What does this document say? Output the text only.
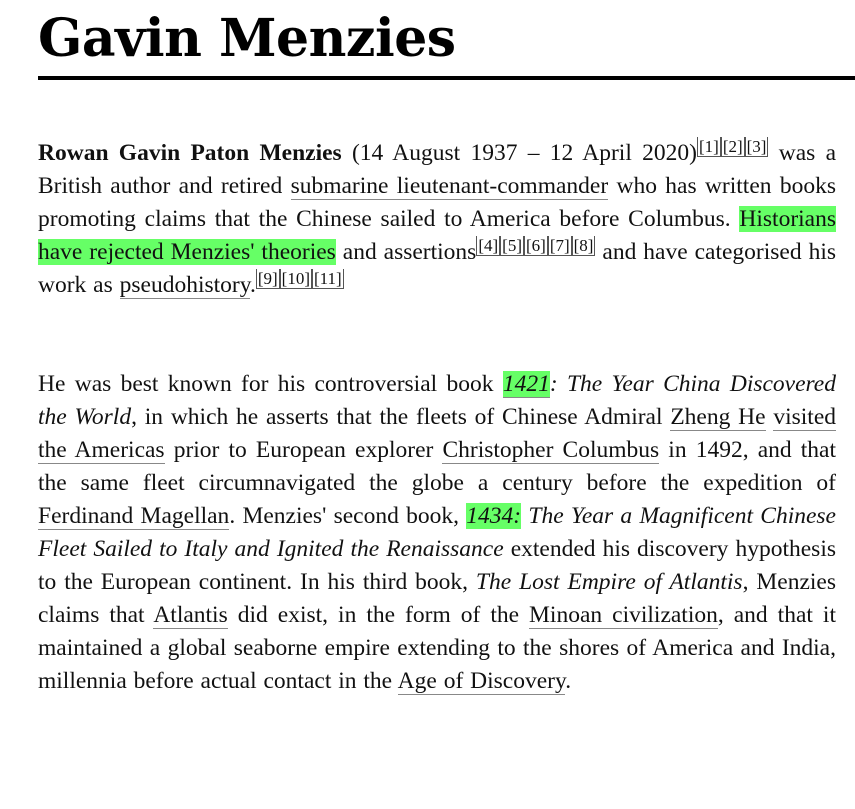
Gavin Menzies

Rowan Gavin Paton Menzies (14 August 1937 – 12 April 2020) [1] [2] [3] was a British author and retired submarine lieutenant-commander who has written books promoting claims that the Chinese sailed to America before Columbus. Historians have rejected Menzies' theories and assertions [4] [5] [6] [7] [8] and have categorised his work as pseudohistory. [9] [10] [11]

He was best known for his controversial book 1421: The Year China Discovered the World, in which he asserts that the fleets of Chinese Admiral Zheng He visited the Americas prior to European explorer Christopher Columbus in 1492, and that the same fleet circumnavigated the globe a century before the expedition of Ferdinand Magellan. Menzies' second book, 1434: The Year a Magnificent Chinese Fleet Sailed to Italy and Ignited the Renaissance extended his discovery hypothesis to the European continent. In his third book, The Lost Empire of Atlantis, Menzies claims that Atlantis did exist, in the form of the Minoan civilization, and that it maintained a global seaborne empire extending to the shores of America and India, millennia before actual contact in the Age of Discovery.
